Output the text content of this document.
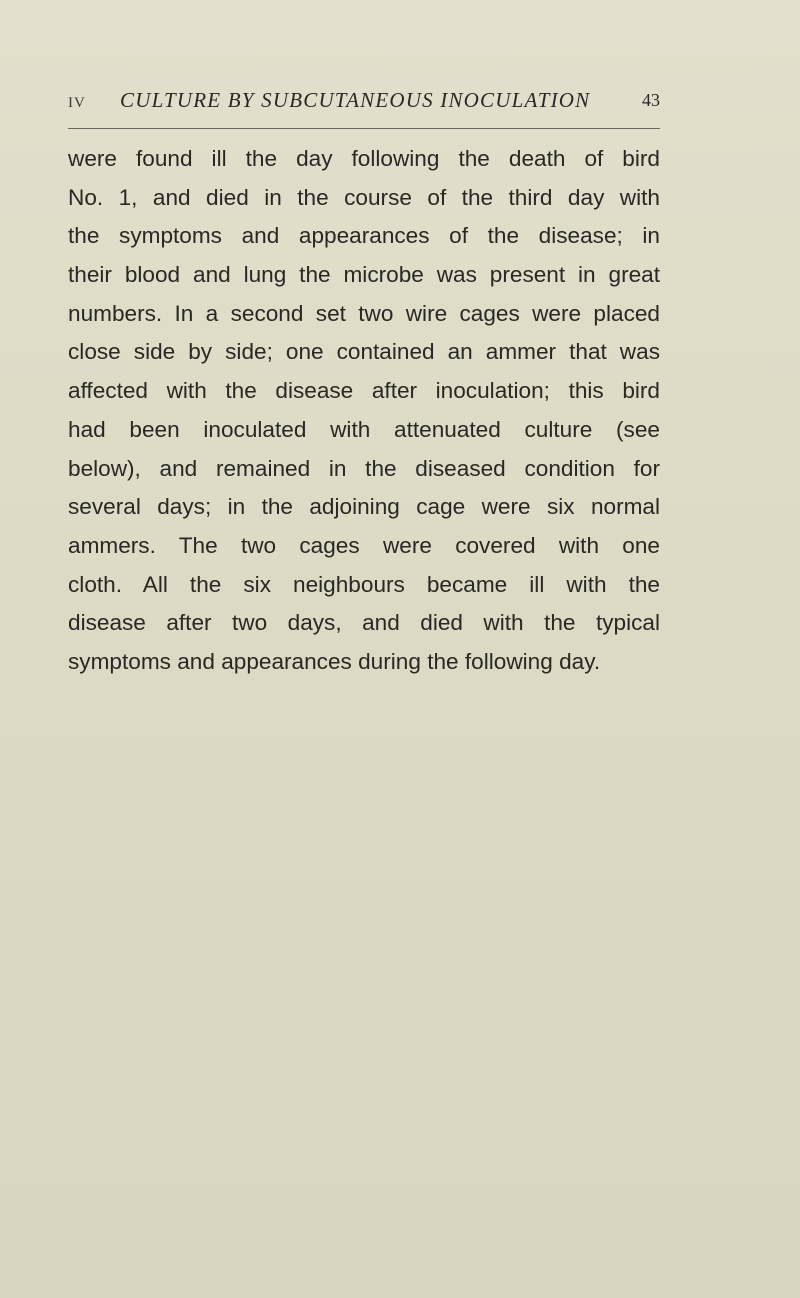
IV CULTURE BY SUBCUTANEOUS INOCULATION	43
were found ill the day following the death of bird
No. 1, and died in the course of the third day with
the symptoms and appearances of the disease; in
their blood and lung the microbe was present in great
numbers. In a second set two wire cages were placed
close side by side; one contained an ammer that was
affected with the disease after inoculation; this bird
had been inoculated with attenuated culture (see
below), and remained in the diseased condition for
several days; in the adjoining cage were six normal
ammers. The two cages were covered with one
cloth. All the six neighbours became ill with the
disease after two days, and died with the typical
symptoms and appearances during the following day.
